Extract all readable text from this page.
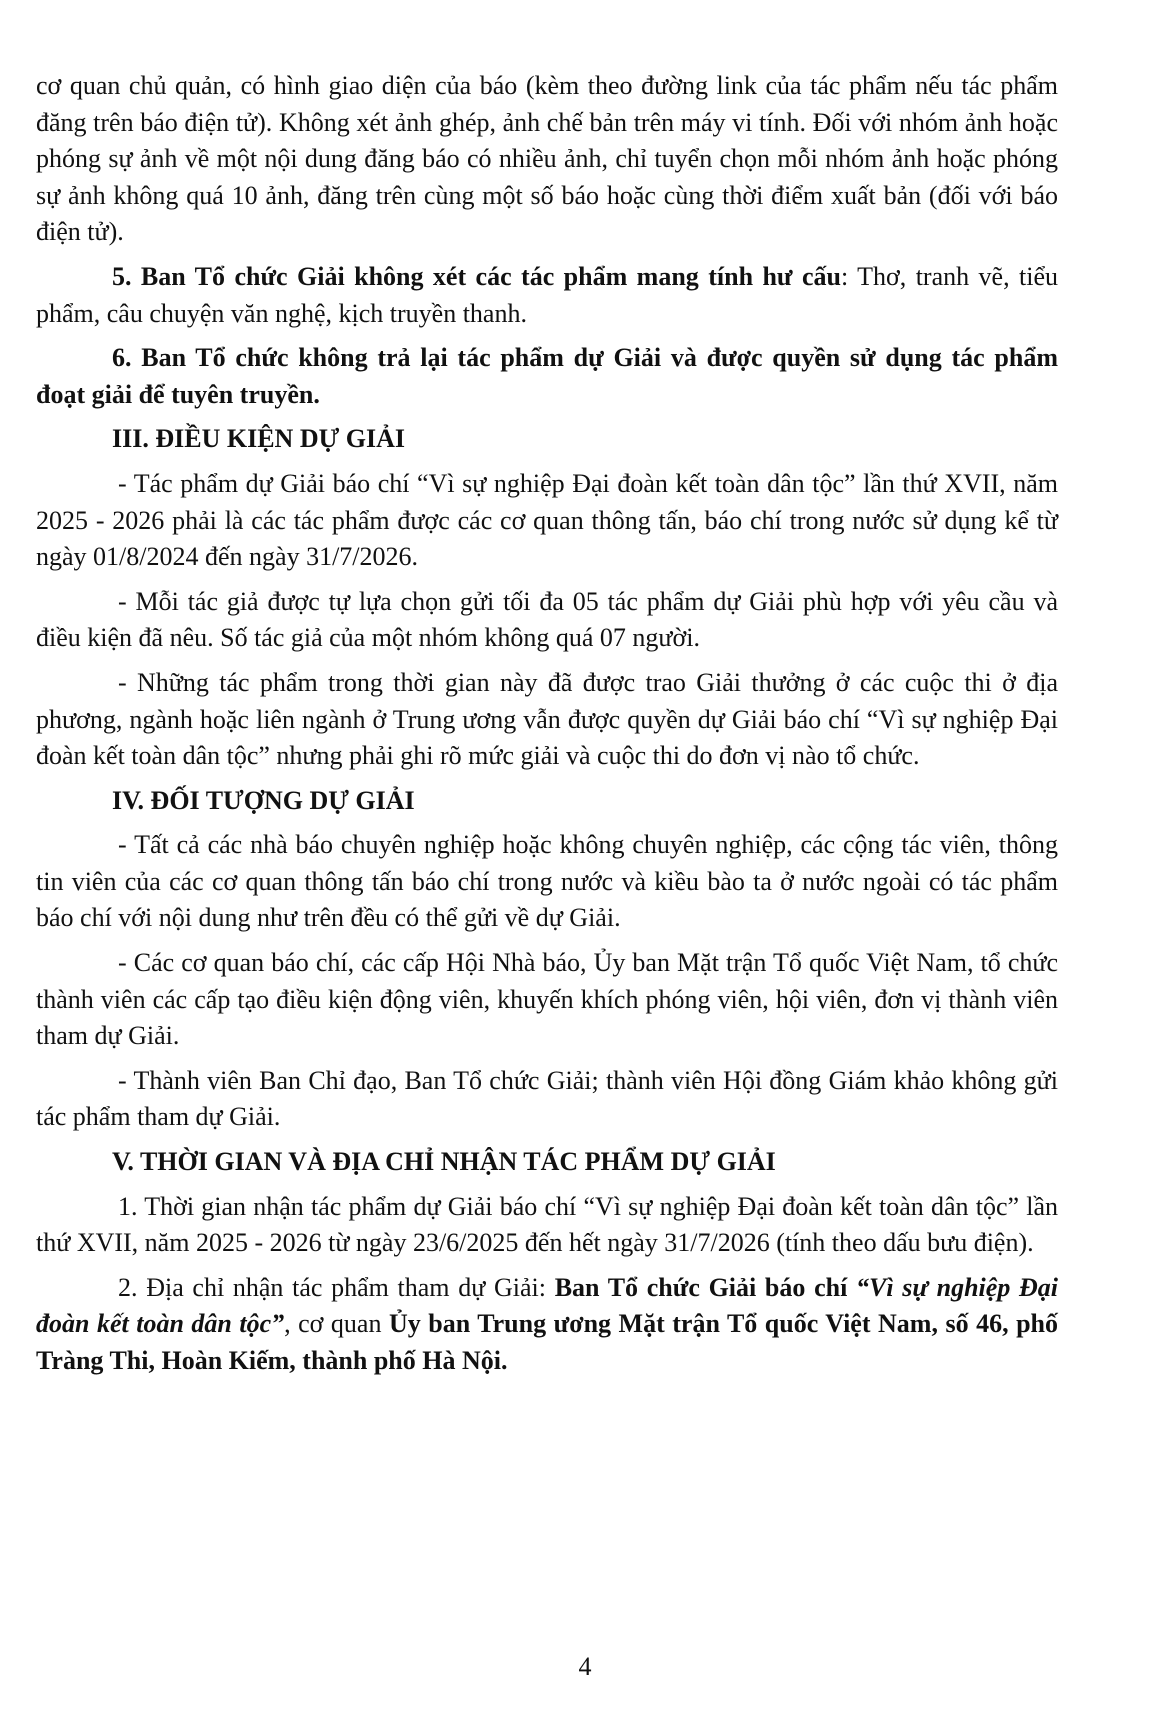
cơ quan chủ quản, có hình giao diện của báo (kèm theo đường link của tác phẩm nếu tác phẩm đăng trên báo điện tử). Không xét ảnh ghép, ảnh chế bản trên máy vi tính. Đối với nhóm ảnh hoặc phóng sự ảnh về một nội dung đăng báo có nhiều ảnh, chỉ tuyển chọn mỗi nhóm ảnh hoặc phóng sự ảnh không quá 10 ảnh, đăng trên cùng một số báo hoặc cùng thời điểm xuất bản (đối với báo điện tử).

5. Ban Tổ chức Giải không xét các tác phẩm mang tính hư cấu: Thơ, tranh vẽ, tiểu phẩm, câu chuyện văn nghệ, kịch truyền thanh.

6. Ban Tổ chức không trả lại tác phẩm dự Giải và được quyền sử dụng tác phẩm đoạt giải để tuyên truyền.

III. ĐIỀU KIỆN DỰ GIẢI

- Tác phẩm dự Giải báo chí “Vì sự nghiệp Đại đoàn kết toàn dân tộc” lần thứ XVII, năm 2025 - 2026 phải là các tác phẩm được các cơ quan thông tấn, báo chí trong nước sử dụng kể từ ngày 01/8/2024 đến ngày 31/7/2026.

- Mỗi tác giả được tự lựa chọn gửi tối đa 05 tác phẩm dự Giải phù hợp với yêu cầu và điều kiện đã nêu. Số tác giả của một nhóm không quá 07 người.

- Những tác phẩm trong thời gian này đã được trao Giải thưởng ở các cuộc thi ở địa phương, ngành hoặc liên ngành ở Trung ương vẫn được quyền dự Giải báo chí “Vì sự nghiệp Đại đoàn kết toàn dân tộc” nhưng phải ghi rõ mức giải và cuộc thi do đơn vị nào tổ chức.

IV. ĐỐI TƯỢNG DỰ GIẢI

- Tất cả các nhà báo chuyên nghiệp hoặc không chuyên nghiệp, các cộng tác viên, thông tin viên của các cơ quan thông tấn báo chí trong nước và kiều bào ta ở nước ngoài có tác phẩm báo chí với nội dung như trên đều có thể gửi về dự Giải.

- Các cơ quan báo chí, các cấp Hội Nhà báo, Ủy ban Mặt trận Tổ quốc Việt Nam, tổ chức thành viên các cấp tạo điều kiện động viên, khuyến khích phóng viên, hội viên, đơn vị thành viên tham dự Giải.

- Thành viên Ban Chỉ đạo, Ban Tổ chức Giải; thành viên Hội đồng Giám khảo không gửi tác phẩm tham dự Giải.

V. THỜI GIAN VÀ ĐỊA CHỈ NHẬN TÁC PHẨM DỰ GIẢI

1. Thời gian nhận tác phẩm dự Giải báo chí “Vì sự nghiệp Đại đoàn kết toàn dân tộc” lần thứ XVII, năm 2025 - 2026 từ ngày 23/6/2025 đến hết ngày 31/7/2026 (tính theo dấu bưu điện).

2. Địa chỉ nhận tác phẩm tham dự Giải: Ban Tổ chức Giải báo chí “Vì sự nghiệp Đại đoàn kết toàn dân tộc”, cơ quan Ủy ban Trung ương Mặt trận Tổ quốc Việt Nam, số 46, phố Tràng Thi, Hoàn Kiếm, thành phố Hà Nội.

4
